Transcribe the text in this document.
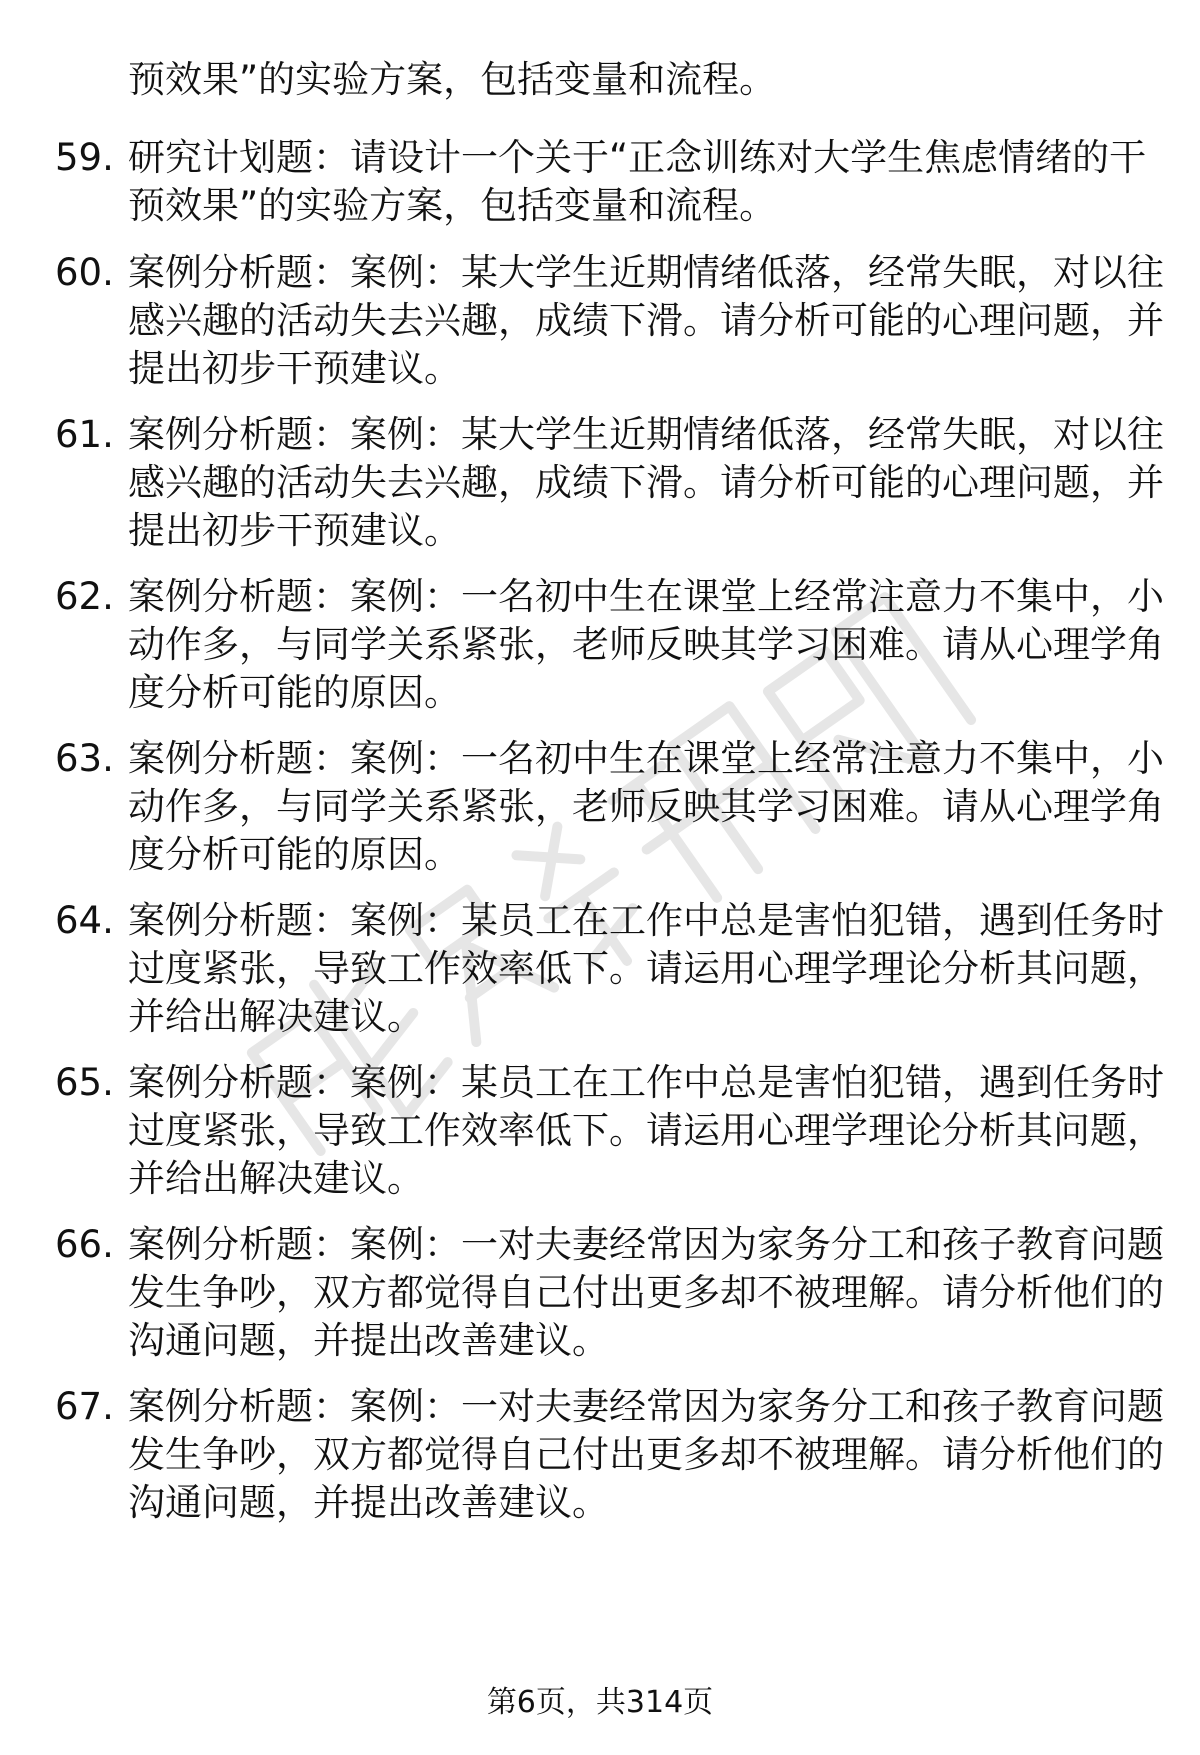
预效果”的实验方案，包括变量和流程。
59. 研究计划题：请设计一个关于“正念训练对大学生焦虑情绪的干
预效果”的实验方案，包括变量和流程。
60. 案例分析题：案例：某大学生近期情绪低落，经常失眠，对以往
感兴趣的活动失去兴趣，成绩下滑。请分析可能的心理问题，并
提出初步干预建议。
61. 案例分析题：案例：某大学生近期情绪低落，经常失眠，对以往
感兴趣的活动失去兴趣，成绩下滑。请分析可能的心理问题，并
提出初步干预建议。
62. 案例分析题：案例：一名初中生在课堂上经常注意力不集中，小
动作多，与同学关系紧张，老师反映其学习困难。请从心理学角
度分析可能的原因。
63. 案例分析题：案例：一名初中生在课堂上经常注意力不集中，小
动作多，与同学关系紧张，老师反映其学习困难。请从心理学角
度分析可能的原因。
64. 案例分析题：案例：某员工在工作中总是害怕犯错，遇到任务时
过度紧张，导致工作效率低下。请运用心理学理论分析其问题，
并给出解决建议。
65. 案例分析题：案例：某员工在工作中总是害怕犯错，遇到任务时
过度紧张，导致工作效率低下。请运用心理学理论分析其问题，
并给出解决建议。
66. 案例分析题：案例：一对夫妻经常因为家务分工和孩子教育问题
发生争吵，双方都觉得自己付出更多却不被理解。请分析他们的
沟通问题，并提出改善建议。
67. 案例分析题：案例：一对夫妻经常因为家务分工和孩子教育问题
发生争吵，双方都觉得自己付出更多却不被理解。请分析他们的
沟通问题，并提出改善建议。
第6页，共314页
